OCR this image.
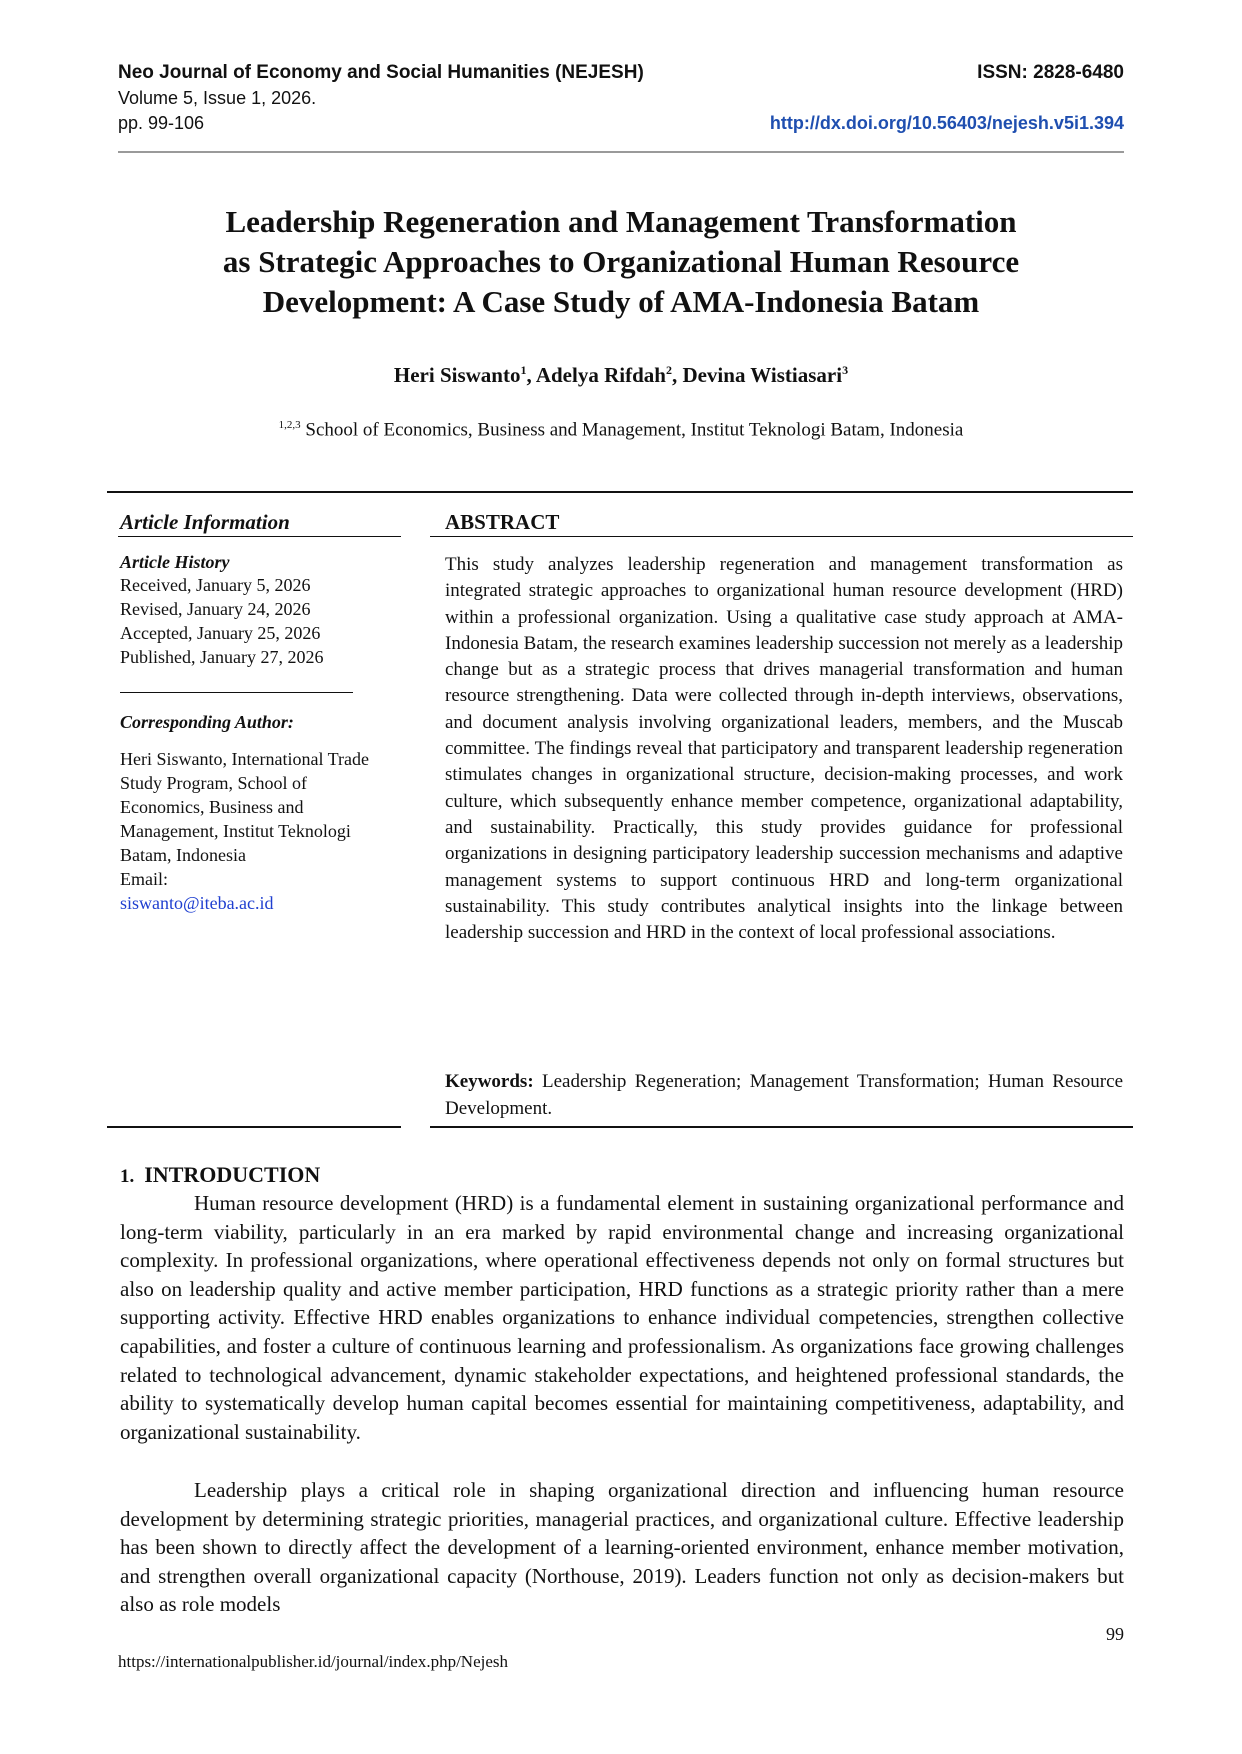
Neo Journal of Economy and Social Humanities (NEJESH)	ISSN: 2828-6480
Volume 5, Issue 1, 2026.
pp. 99-106	http://dx.doi.org/10.56403/nejesh.v5i1.394
Leadership Regeneration and Management Transformation
as Strategic Approaches to Organizational Human Resource
Development: A Case Study of AMA-Indonesia Batam
Heri Siswanto$^1$, Adelya Rifdah$^2$, Devina Wistiasari$^3$
$^{1,2,3}$ School of Economics, Business and Management, Institut Teknologi Batam, Indonesia
Article Information
Article History
Received, January 5, 2026
Revised, January 24, 2026
Accepted, January 25, 2026
Published, January 27, 2026
Corresponding Author:
Heri Siswanto, International Trade Study Program, School of Economics, Business and Management, Institut Teknologi Batam, Indonesia
Email:
siswanto@iteba.ac.id
ABSTRACT
This study analyzes leadership regeneration and management transformation as integrated strategic approaches to organizational human resource development (HRD) within a professional organization. Using a qualitative case study approach at AMA-Indonesia Batam, the research examines leadership succession not merely as a leadership change but as a strategic process that drives managerial transformation and human resource strengthening. Data were collected through in-depth interviews, observations, and document analysis involving organizational leaders, members, and the Muscab committee. The findings reveal that participatory and transparent leadership regeneration stimulates changes in organizational structure, decision-making processes, and work culture, which subsequently enhance member competence, organizational adaptability, and sustainability. Practically, this study provides guidance for professional organizations in designing participatory leadership succession mechanisms and adaptive management systems to support continuous HRD and long-term organizational sustainability. This study contributes analytical insights into the linkage between leadership succession and HRD in the context of local professional associations.
Keywords: Leadership Regeneration; Management Transformation; Human Resource Development.
1. INTRODUCTION
Human resource development (HRD) is a fundamental element in sustaining organizational performance and long-term viability, particularly in an era marked by rapid environmental change and increasing organizational complexity. In professional organizations, where operational effectiveness depends not only on formal structures but also on leadership quality and active member participation, HRD functions as a strategic priority rather than a mere supporting activity. Effective HRD enables organizations to enhance individual competencies, strengthen collective capabilities, and foster a culture of continuous learning and professionalism. As organizations face growing challenges related to technological advancement, dynamic stakeholder expectations, and heightened professional standards, the ability to systematically develop human capital becomes essential for maintaining competitiveness, adaptability, and organizational sustainability.
Leadership plays a critical role in shaping organizational direction and influencing human resource development by determining strategic priorities, managerial practices, and organizational culture. Effective leadership has been shown to directly affect the development of a learning-oriented environment, enhance member motivation, and strengthen overall organizational capacity (Northouse, 2019). Leaders function not only as decision-makers but also as role models
99
https://internationalpublisher.id/journal/index.php/Nejesh
